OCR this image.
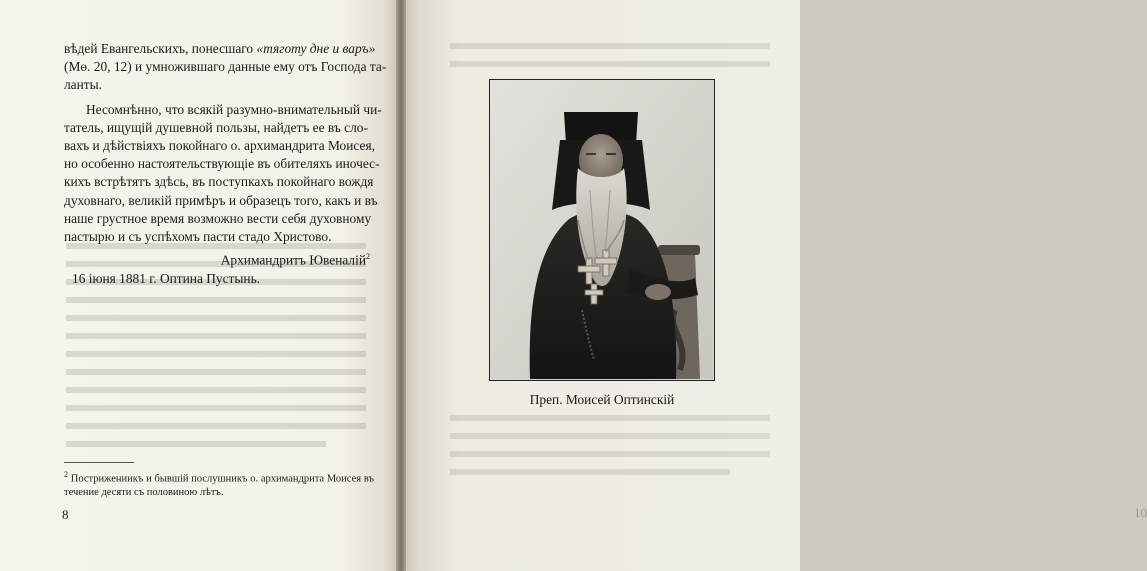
вѣдей Евангельскихъ, понесшаго «тяготу дне и варъ»
(Мѳ. 20, 12) и умножившаго данные ему отъ Господа та-
ланты.

Несомнѣнно, что всякій разумно-внимательный чи-
татель, ищущій душевной пользы, найдетъ ее въ сло-
вахъ и дѣйствіяхъ покойнаго о. архимандрита Моисея,
но особенно настоятельствующіе въ обителяхъ иночес-
кихъ встрѣтятъ здѣсь, въ поступкахъ покойнаго вождя
духовнаго, великій примѣръ и образецъ того, какъ и въ
наше грустное время возможно вести себя духовному
пастырю и съ успѣхомъ пасти стадо Христово.

Архимандритъ Ювеналій$^2$

16 іюня 1881 г. Оптина Пустынь.

$^2$ Пострижениикъ и бывшій послушникъ о. архимандрита Моисея въ течение десяти съ половиною лѣтъ.
8	10
Преп. Моисей Оптинскій
